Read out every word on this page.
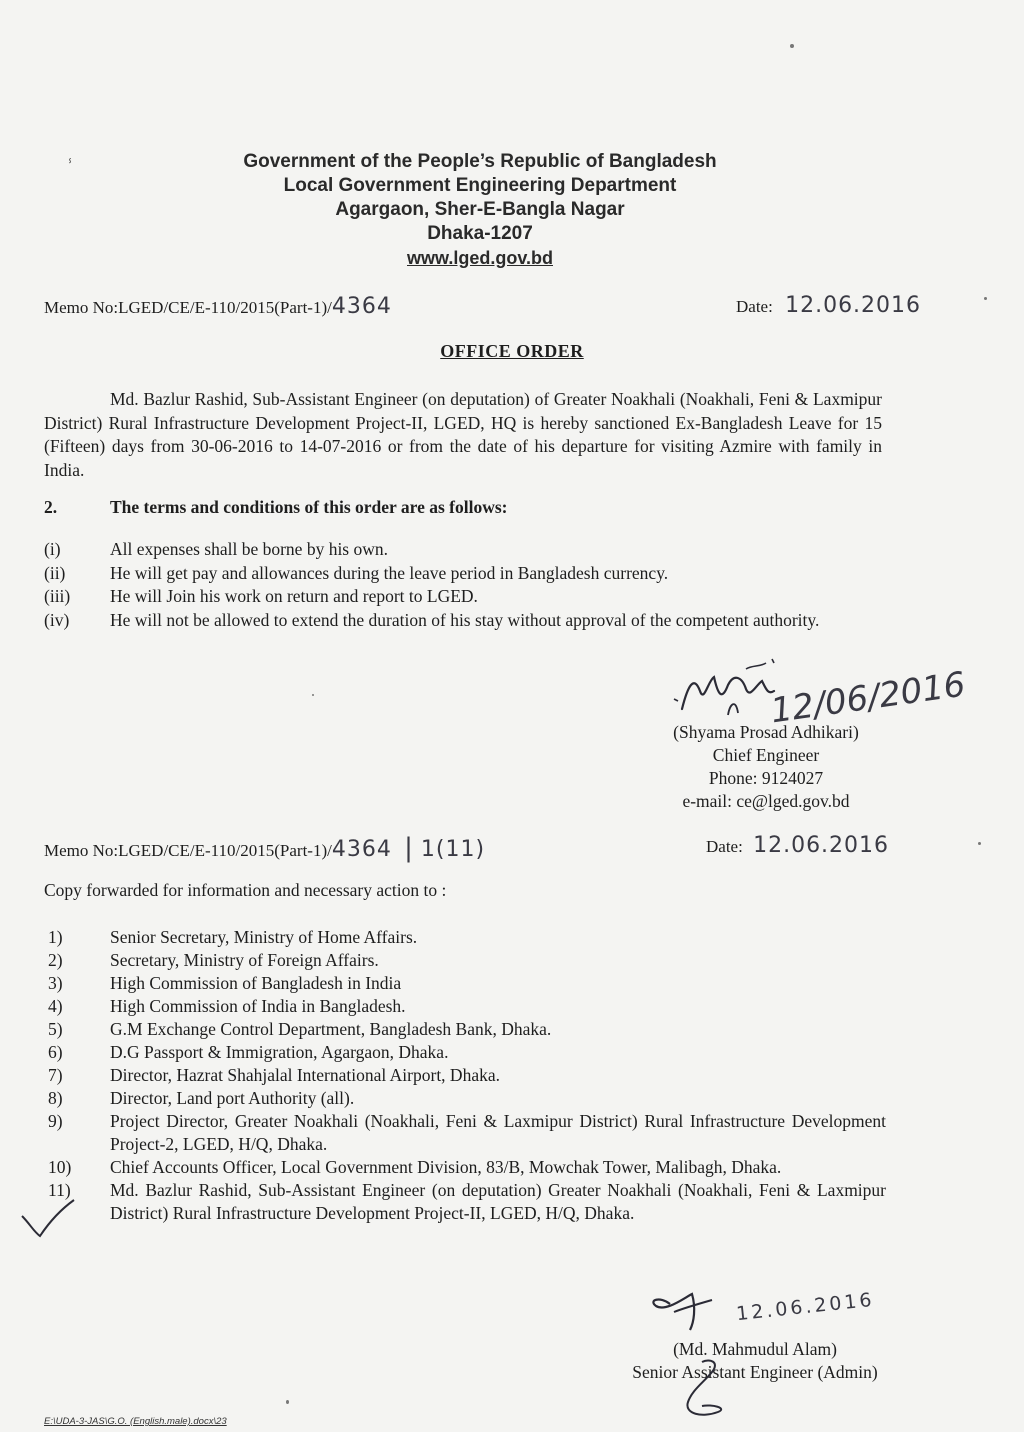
ⸯ	Government of the People’s Republic of Bangladesh
Local Government Engineering Department
Agargaon, Sher-E-Bangla Nagar
Dhaka-1207
www.lged.gov.bd
Memo No:LGED/CE/E-110/2015(Part-1)/4364	Date: 12.06.2016
OFFICE ORDER
Md. Bazlur Rashid, Sub-Assistant Engineer (on deputation) of Greater Noakhali (Noakhali, Feni & Laxmipur District) Rural Infrastructure Development Project-II, LGED, HQ is hereby sanctioned Ex-Bangladesh Leave for 15 (Fifteen) days from 30-06-2016 to 14-07-2016 or from the date of his departure for visiting Azmire with family in India.
2.	The terms and conditions of this order are as follows:
(i)	All expenses shall be borne by his own.
(ii)	He will get pay and allowances during the leave period in Bangladesh currency.
(iii)	He will Join his work on return and report to LGED.
(iv)	He will not be allowed to extend the duration of his stay without approval of the competent authority.
12/06/2016
(Shyama Prosad Adhikari)
Chief Engineer
Phone: 9124027
e-mail: ce@lged.gov.bd
Memo No:LGED/CE/E-110/2015(Part-1)/4364 | 1(11)	Date: 12.06.2016
Copy forwarded for information and necessary action to :
1)	Senior Secretary, Ministry of Home Affairs.
2)	Secretary, Ministry of Foreign Affairs.
3)	High Commission of Bangladesh in India
4)	High Commission of India in Bangladesh.
5)	G.M Exchange Control Department, Bangladesh Bank, Dhaka.
6)	D.G Passport & Immigration, Agargaon, Dhaka.
7)	Director, Hazrat Shahjalal International Airport, Dhaka.
8)	Director, Land port Authority (all).
9)	Project Director, Greater Noakhali (Noakhali, Feni & Laxmipur District) Rural Infrastructure Development Project-2, LGED, H/Q, Dhaka.
10)	Chief Accounts Officer, Local Government Division, 83/B, Mowchak Tower, Malibagh, Dhaka.
11)	Md. Bazlur Rashid, Sub-Assistant Engineer (on deputation) Greater Noakhali (Noakhali, Feni & Laxmipur District) Rural Infrastructure Development Project-II, LGED, H/Q, Dhaka.
12.06.2016
(Md. Mahmudul Alam)
Senior Assistant Engineer (Admin)
E:\UDA-3-JAS\G.O. (English.male).docx\23
